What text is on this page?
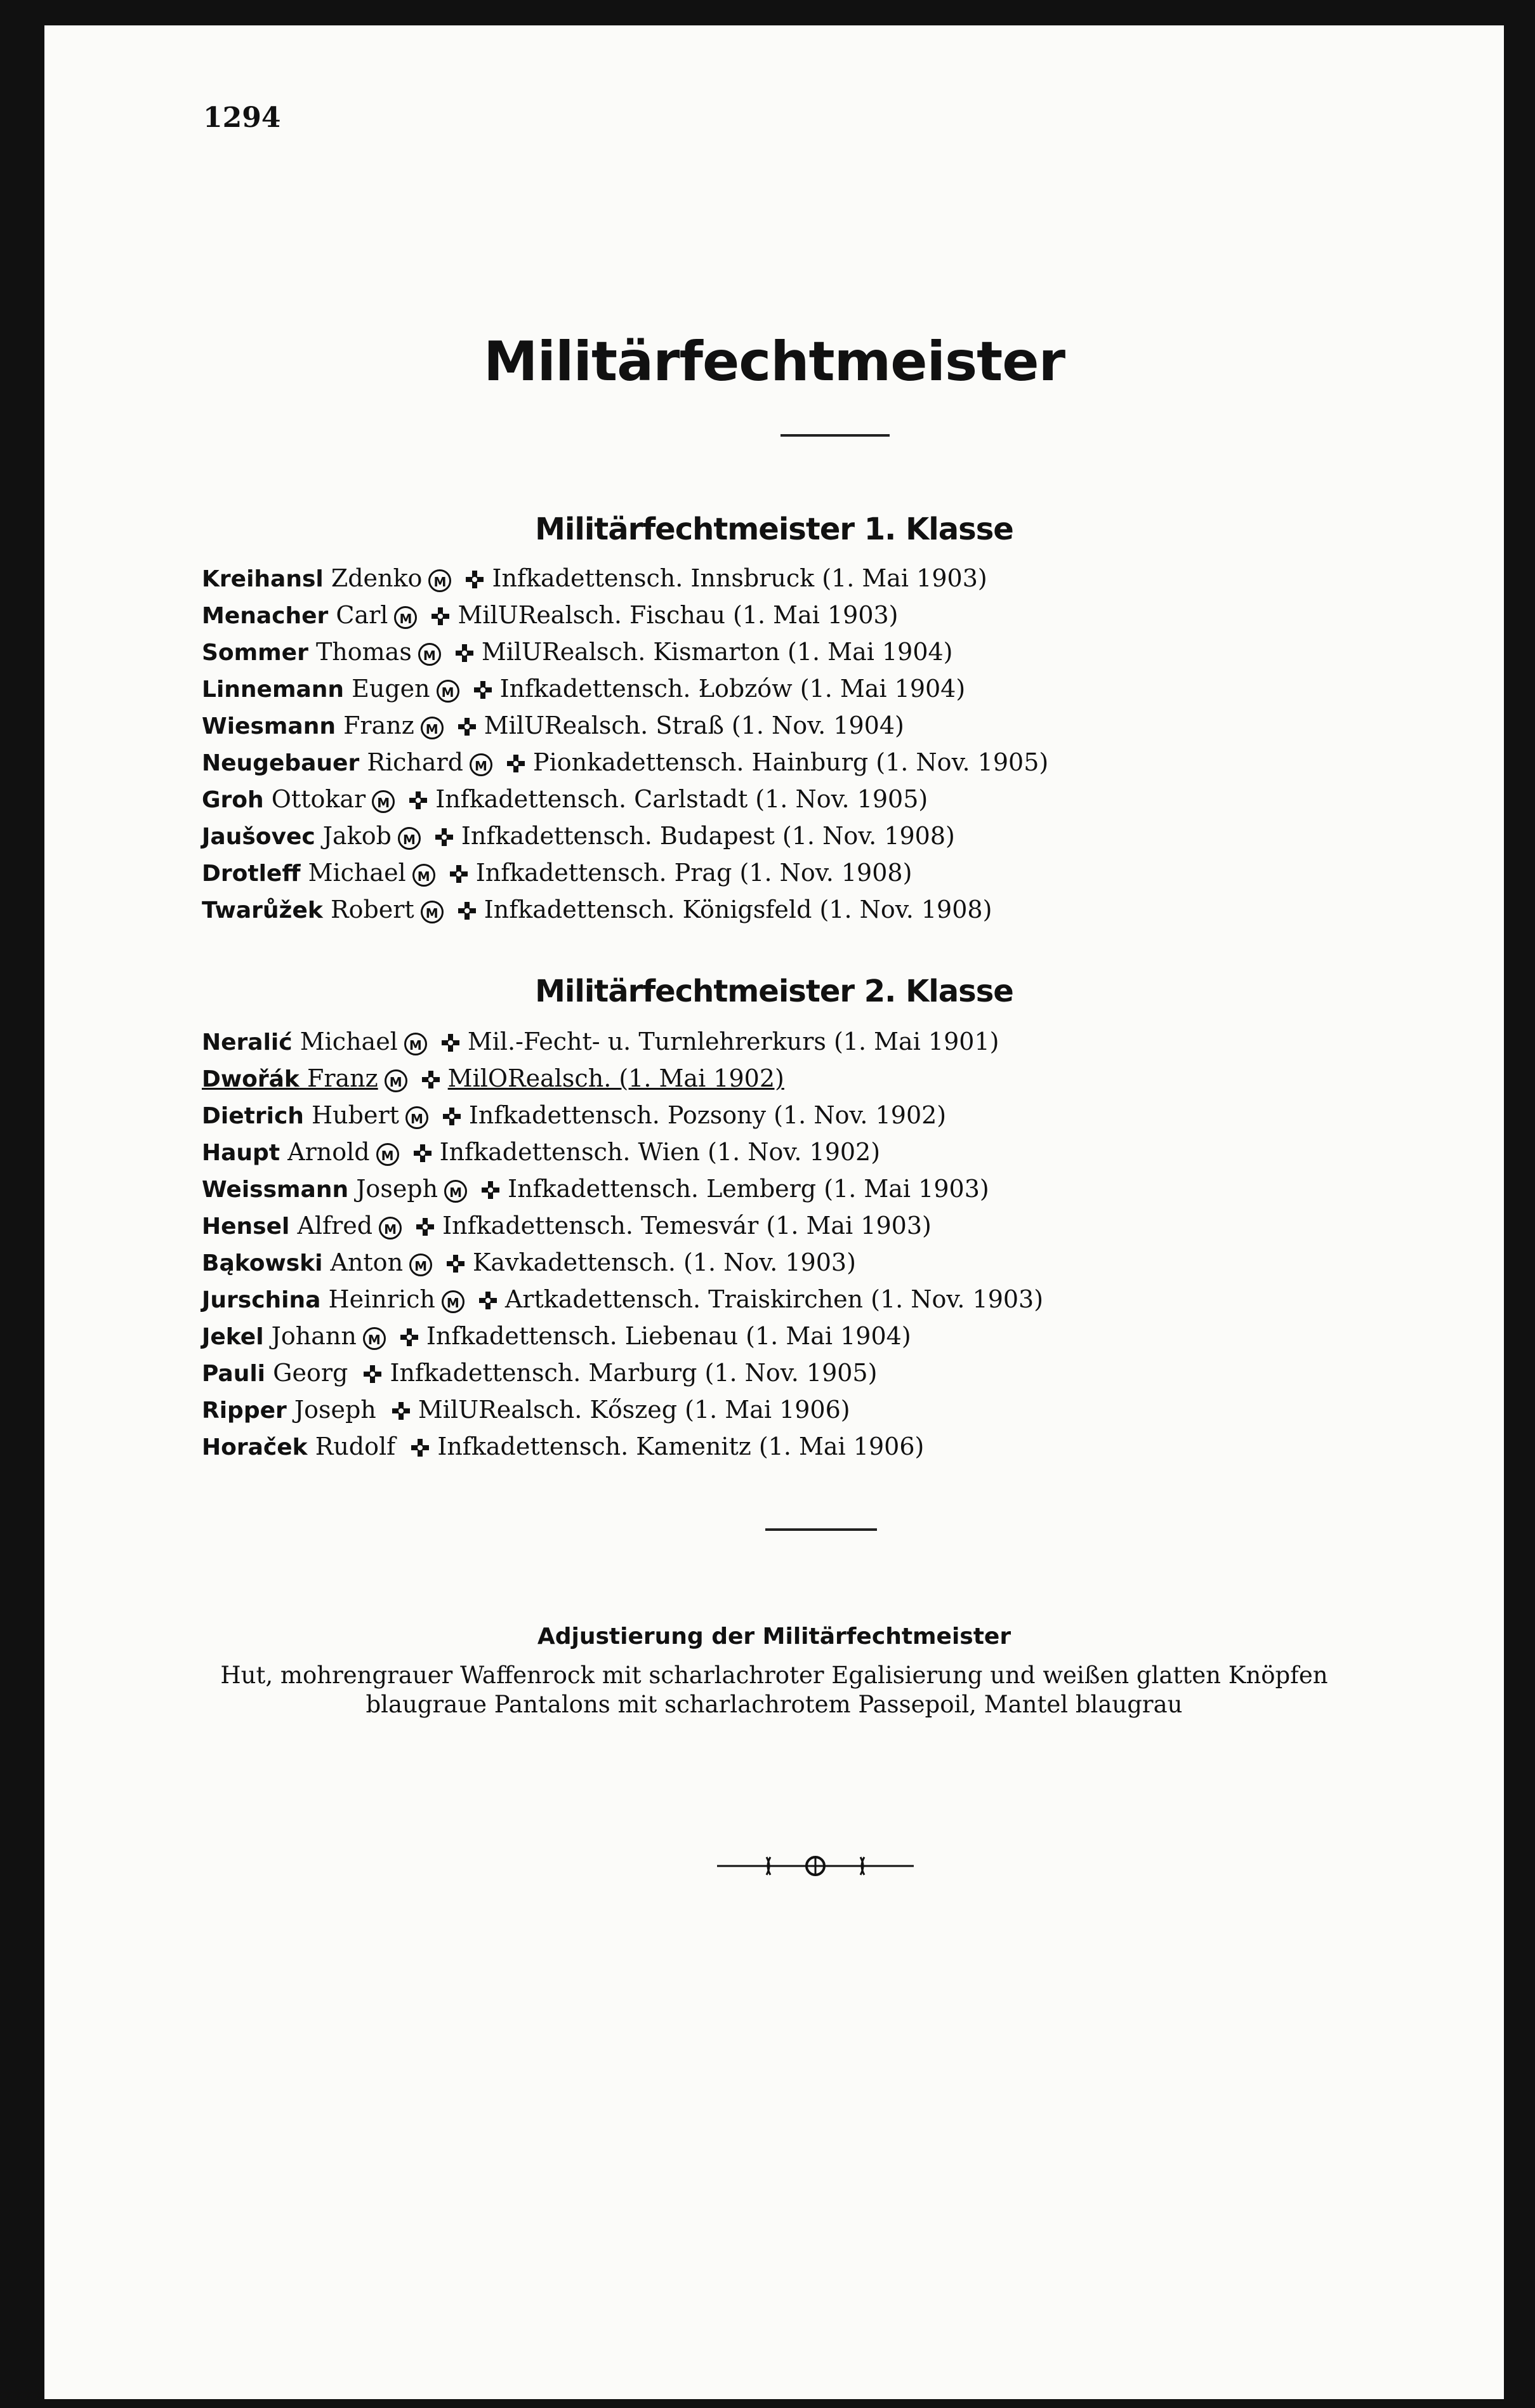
1294
Militärfechtmeister
Militärfechtmeister 1. Klasse
Kreihansl Zdenko M Infkadettensch. Innsbruck (1. Mai 1903)
Menacher Carl M MilURealsch. Fischau (1. Mai 1903)
Sommer Thomas M MilURealsch. Kismarton (1. Mai 1904)
Linnemann Eugen M Infkadettensch. Łobzów (1. Mai 1904)
Wiesmann Franz M MilURealsch. Straß (1. Nov. 1904)
Neugebauer Richard M Pionkadettensch. Hainburg (1. Nov. 1905)
Groh Ottokar M Infkadettensch. Carlstadt (1. Nov. 1905)
Jaušovec Jakob M Infkadettensch. Budapest (1. Nov. 1908)
Drotleff Michael M Infkadettensch. Prag (1. Nov. 1908)
Twarůžek Robert M Infkadettensch. Königsfeld (1. Nov. 1908)
Militärfechtmeister 2. Klasse
Neralić Michael M Mil.-Fecht- u. Turnlehrerkurs (1. Mai 1901)
Dwořák Franz M MilORealsch. (1. Mai 1902)
Dietrich Hubert M Infkadettensch. Pozsony (1. Nov. 1902)
Haupt Arnold M Infkadettensch. Wien (1. Nov. 1902)
Weissmann Joseph M Infkadettensch. Lemberg (1. Mai 1903)
Hensel Alfred M Infkadettensch. Temesvár (1. Mai 1903)
Bąkowski Anton M Kavkadettensch. (1. Nov. 1903)
Jurschina Heinrich M Artkadettensch. Traiskirchen (1. Nov. 1903)
Jekel Johann M Infkadettensch. Liebenau (1. Mai 1904)
Pauli Georg Infkadettensch. Marburg (1. Nov. 1905)
Ripper Joseph MilURealsch. Kőszeg (1. Mai 1906)
Horaček Rudolf Infkadettensch. Kamenitz (1. Mai 1906)
Adjustierung der Militärfechtmeister
Hut, mohrengrauer Waffenrock mit scharlachroter Egalisierung und weißen glatten Knöpfen
blaugraue Pantalons mit scharlachrotem Passepoil, Mantel blaugrau
